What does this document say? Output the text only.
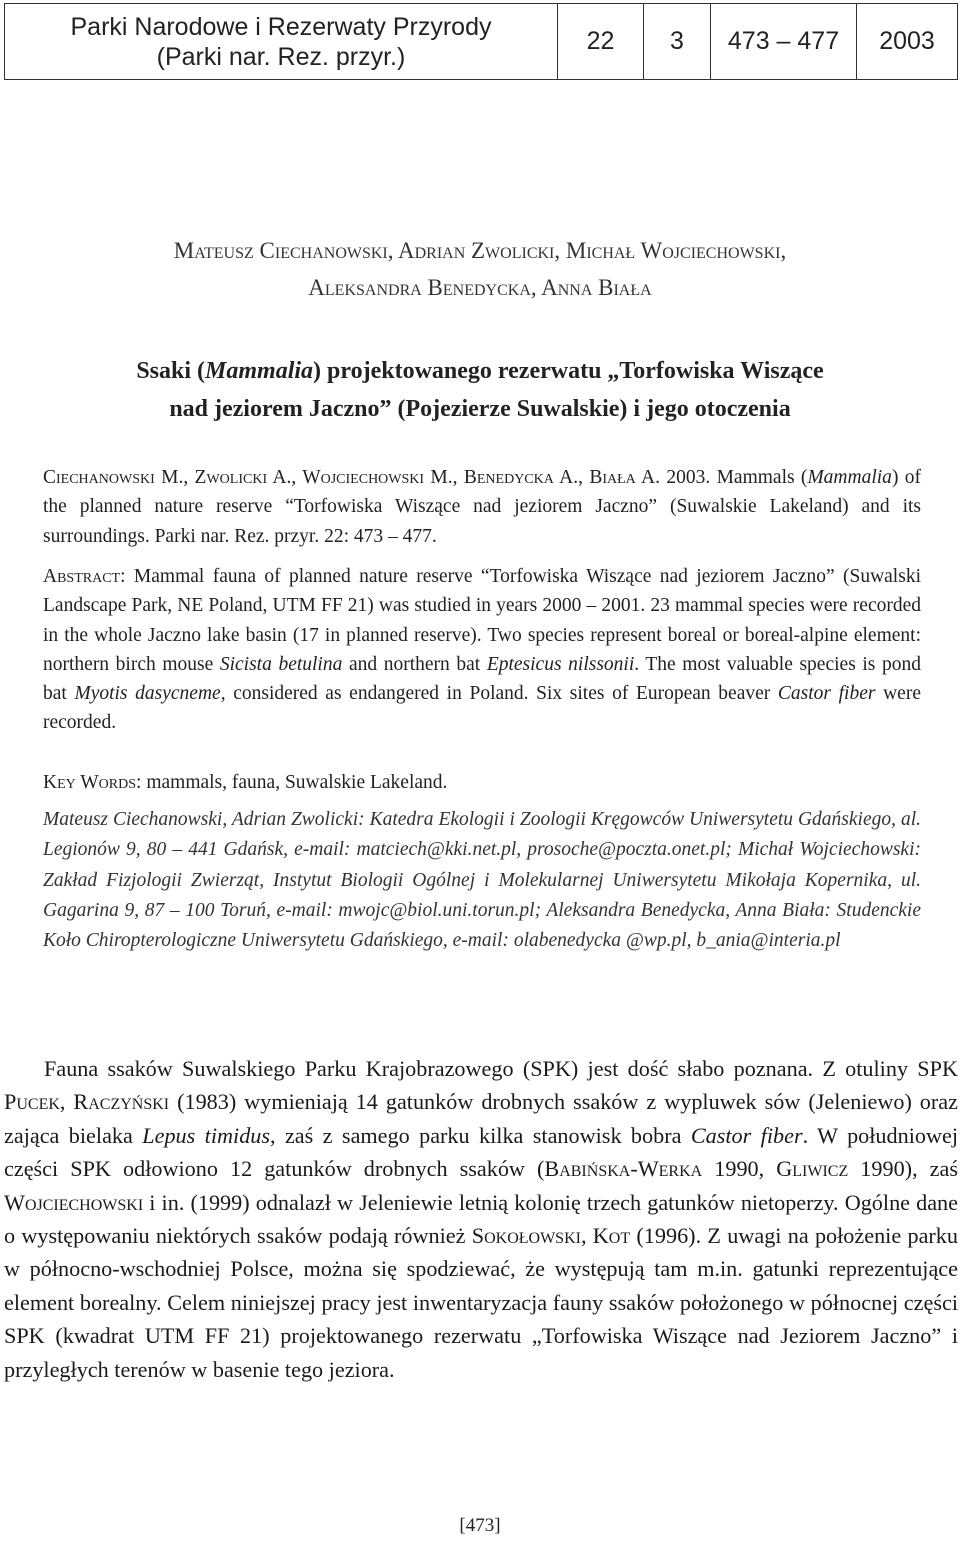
Parki Narodowe i Rezerwaty Przyrody
(Parki nar. Rez. przyr.)
22	3	473 – 477	2003
Mateusz Ciechanowski, Adrian Zwolicki, Michał Wojciechowski,
Aleksandra Benedycka, Anna Biała
Ssaki (Mammalia) projektowanego rezerwatu „Torfowiska Wiszące
nad jeziorem Jaczno” (Pojezierze Suwalskie) i jego otoczenia

Ciechanowski M., Zwolicki A., Wojciechowski M., Benedycka A., Biała A. 2003. Mammals (Mammalia) of the planned nature reserve “Torfowiska Wiszące nad jeziorem Jaczno” (Suwalskie Lakeland) and its surroundings. Parki nar. Rez. przyr. 22: 473 – 477.

Abstract: Mammal fauna of planned nature reserve “Torfowiska Wiszące nad jeziorem Jaczno” (Suwalski Landscape Park, NE Poland, UTM FF 21) was studied in years 2000 – 2001. 23 mammal species were recorded in the whole Jaczno lake basin (17 in planned reserve). Two species represent boreal or boreal-alpine element: northern birch mouse Sicista betulina and northern bat Eptesicus nilssonii. The most valuable species is pond bat Myotis dasycneme, considered as endangered in Poland. Six sites of European beaver Castor fiber were recorded.

Key Words: mammals, fauna, Suwalskie Lakeland.

Mateusz Ciechanowski, Adrian Zwolicki: Katedra Ekologii i Zoologii Kręgowców Uniwersytetu Gdańskiego, al. Legionów 9, 80 – 441 Gdańsk, e-mail: matciech@kki.net.pl, prosoche@poczta.onet.pl; Michał Wojciechowski: Zakład Fizjologii Zwierząt, Instytut Biologii Ogólnej i Molekularnej Uniwersytetu Mikołaja Kopernika, ul. Gagarina 9, 87 – 100 Toruń, e-mail: mwojc@biol.uni.torun.pl; Aleksandra Benedycka, Anna Biała: Studenckie Koło Chiropterologiczne Uniwersytetu Gdańskiego, e-mail: olabenedycka @wp.pl, b_ania@interia.pl

Fauna ssaków Suwalskiego Parku Krajobrazowego (SPK) jest dość słabo poznana. Z otuliny SPK Pucek, Raczyński (1983) wymieniają 14 gatunków drobnych ssaków z wypluwek sów (Jeleniewo) oraz zająca bielaka Lepus timidus, zaś z samego parku kilka stanowisk bobra Castor fiber. W południowej części SPK odłowiono 12 gatunków drobnych ssaków (Babińska-Werka 1990, Gliwicz 1990), zaś Wojciechowski i in. (1999) odnalazł w Jeleniewie letnią kolonię trzech gatunków nietoperzy. Ogólne dane o występowaniu niektórych ssaków podają również Sokołowski, Kot (1996). Z uwagi na położenie parku w północno-wschodniej Polsce, można się spodziewać, że występują tam m.in. gatunki reprezentujące element borealny. Celem niniejszej pracy jest inwentaryzacja fauny ssaków położonego w północnej części SPK (kwadrat UTM FF 21) projektowanego rezerwatu „Torfowiska Wiszące nad Jeziorem Jaczno” i przyległych terenów w basenie tego jeziora.

[473]
